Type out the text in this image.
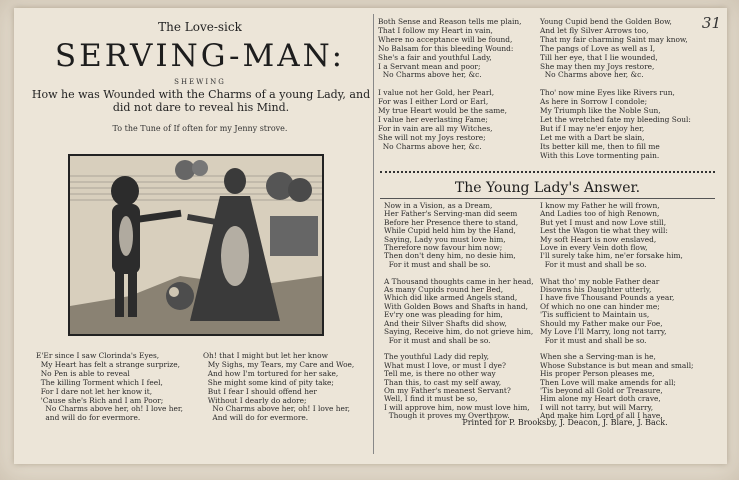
31
The Love-sick
SERVING-MAN:
SHEWING
How he was Wounded with the Charms of a young Lady, and did not dare to reveal his Mind.
To the Tune of If often for my Jenny strove.
E'Er since I saw Clorinda's Eyes,
My Heart has felt a strange surprize,
No Pen is able to reveal
The killing Torment which I feel,
For I dare not let her know it,
'Cause she's Rich and I am Poor;
No Charms above her, oh! I love her,
and will do for evermore.
Oh! that I might but let her know
My Sighs, my Tears, my Care and Woe,
And how I'm tortured for her sake,
She might some kind of pity take;
But I fear I should offend her
Without I dearly do adore;
No Charms above her, oh! I love her,
And will do for evermore.
Both Sense and Reason tells me plain,
That I follow my Heart in vain,
Where no acceptance will be found,
No Balsam for this bleeding Wound:
She's a fair and youthful Lady,
I a Servant mean and poor;
No Charms above her, &c.

I value not her Gold, her Pearl,
For was I either Lord or Earl,
My true Heart would be the same,
I value her everlasting Fame;
For in vain are all my Witches,
She will not my Joys restore;
No Charms above her, &c.
Young Cupid bend the Golden Bow,
And let fly Silver Arrows too,
That my fair charming Saint may know,
The pangs of Love as well as I,
Till her eye, that I lie wounded,
She may then my Joys restore,
No Charms above her, &c.

Tho' now mine Eyes like Rivers run,
As here in Sorrow I condole;
My Triumph like the Noble Sun,
Let the wretched fate my bleeding Soul:
But if I may ne'er enjoy her,
Let me with a Dart be slain,
Its better kill me, then to fill me
With this Love tormenting pain.
The Young Lady's Answer.
Now in a Vision, as a Dream,
Her Father's Serving-man did seem
Before her Presence there to stand,
While Cupid held him by the Hand,
Saying, Lady you must love him,
Therefore now favour him now;
Then don't deny him, no desie him,
For it must and shall be so.

A Thousand thoughts came in her head,
As many Cupids round her Bed,
Which did like armed Angels stand,
With Golden Bows and Shafts in hand,
Ev'ry one was pleading for him,
And their Silver Shafts did show,
Saying, Receive him, do not grieve him,
For it must and shall be so.

The youthful Lady did reply,
What must I love, or must I dye?
Tell me, is there no other way
Than this, to cast my self away,
On my Father's meanest Servant?
Well, I find it must be so,
I will approve him, now must love him,
Though it proves my Overthrow.
I know my Father he will frown,
And Ladies too of high Renown,
But yet I must and now Love still,
Lest the Wagon tie what they will:
My soft Heart is now enslaved,
Love in every Vein doth flow,
I'll surely take him, ne'er forsake him,
For it must and shall be so.

What tho' my noble Father dear
Disowns his Daughter utterly,
I have five Thousand Pounds a year,
Of which no one can hinder me;
'Tis sufficient to Maintain us,
Should my Father make our Foe,
My Love I'll Marry, long not tarry,
For it must and shall be so.

When she a Serving-man is he,
Whose Substance is but mean and small;
His proper Person pleases me,
Then Love will make amends for all;
'Tis beyond all Gold or Treasure,
Him alone my Heart doth crave,
I will not tarry, but will Marry,
And make him Lord of all I have.
Printed for P. Brooksby, J. Deacon, J. Blare, J. Back.
